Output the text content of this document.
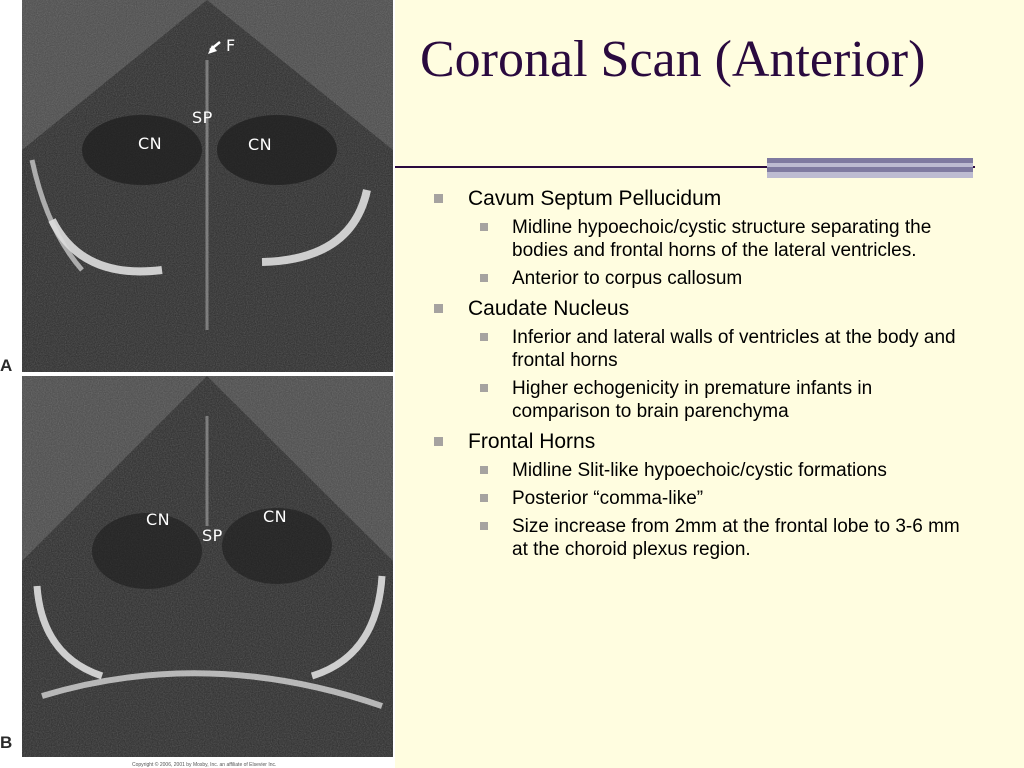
F
SP
CN	CN
A
CN	CN
SP
B
Copyright © 2006, 2001 by Mosby, Inc. an affiliate of Elsevier Inc.
Coronal Scan (Anterior)
Cavum Septum Pellucidum
Midline hypoechoic/cystic structure separating the bodies and frontal horns of the lateral ventricles.
Anterior to corpus callosum
Caudate Nucleus
Inferior and lateral walls of ventricles at the body and frontal horns
Higher echogenicity in premature infants in comparison to brain parenchyma
Frontal Horns
Midline Slit-like hypoechoic/cystic formations
Posterior “comma-like”
Size increase from 2mm at the frontal lobe to 3-6 mm at the choroid plexus region.
